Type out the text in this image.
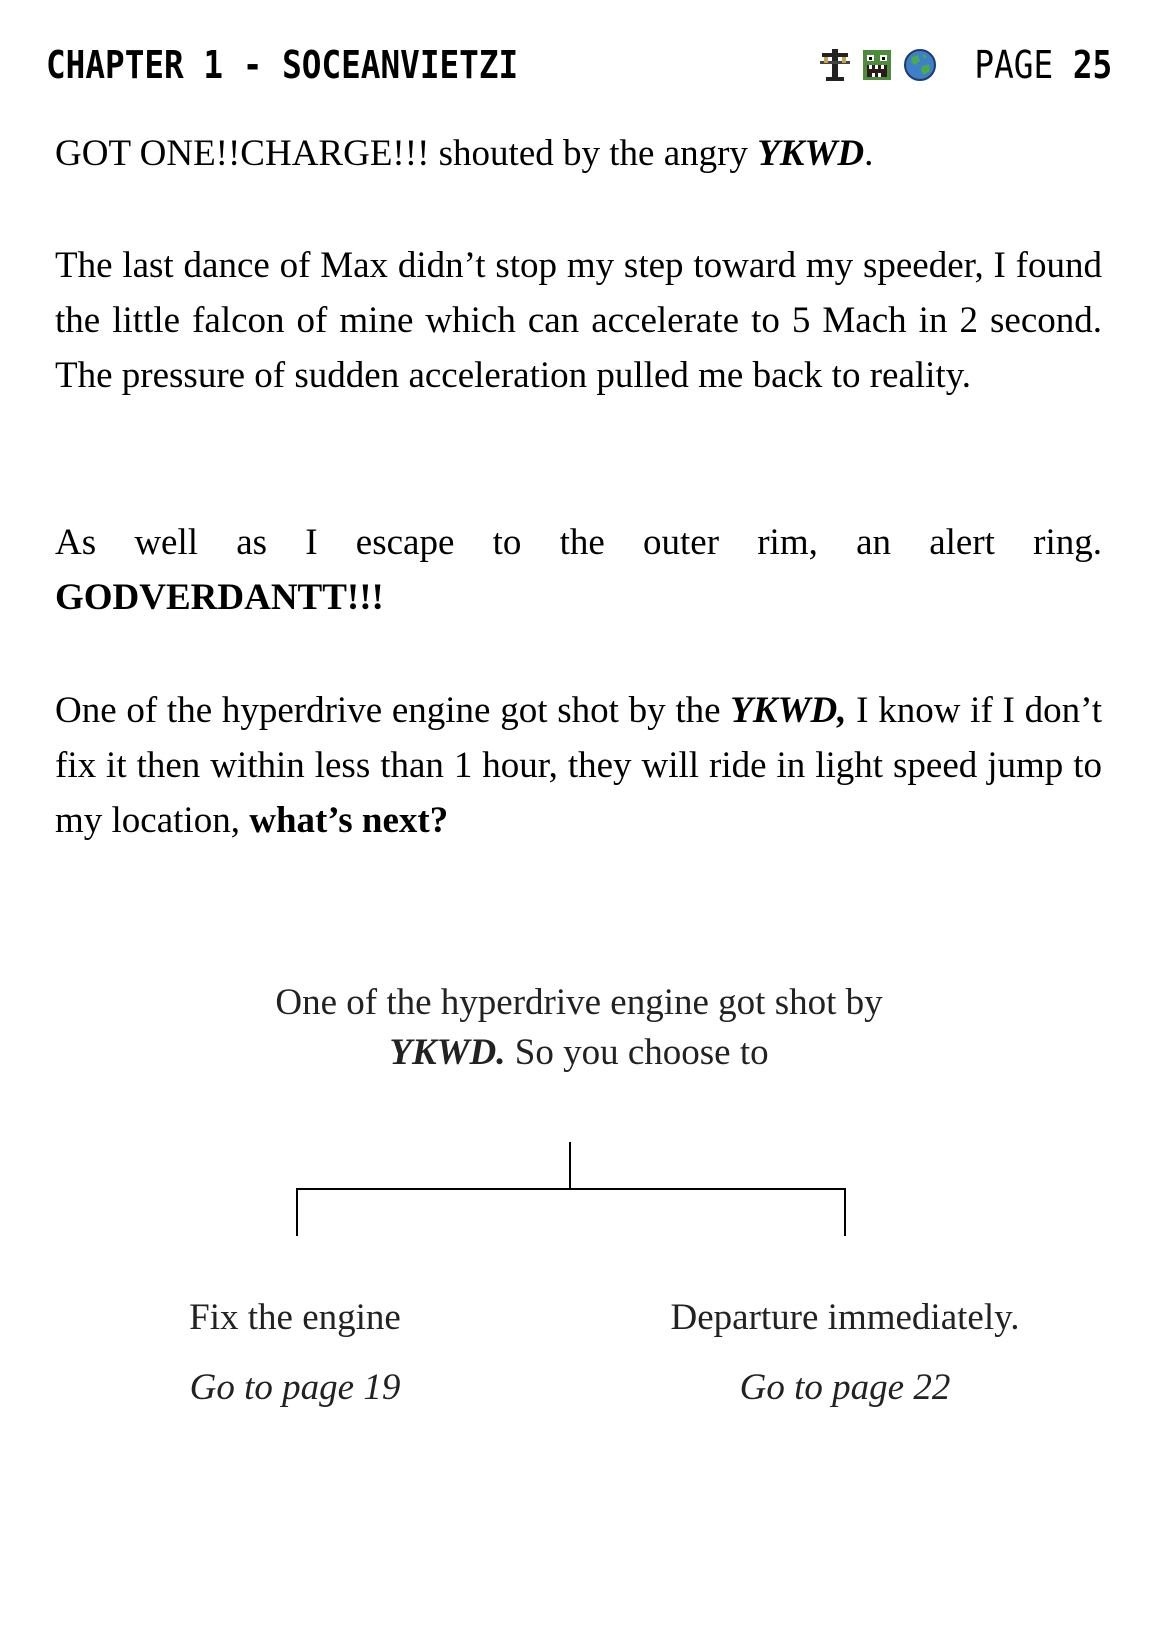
CHAPTER 1 - SOCEANVIETZI	PAGE 25

GOT ONE!!CHARGE!!! shouted by the angry YKWD.

The last dance of Max didn’t stop my step toward my speeder, I found the little falcon of mine which can accelerate to 5 Mach in 2 second. The pressure of sudden acceleration pulled me back to reality.

As well as I escape to the outer rim, an alert ring. GODVERDANTT!!!

One of the hyperdrive engine got shot by the YKWD, I know if I don’t fix it then within less than 1 hour, they will ride in light speed jump to my location, what’s next?

One of the hyperdrive engine got shot by
YKWD. So you choose to
Fix the engine
Go to page 19
Departure immediately.
Go to page 22
